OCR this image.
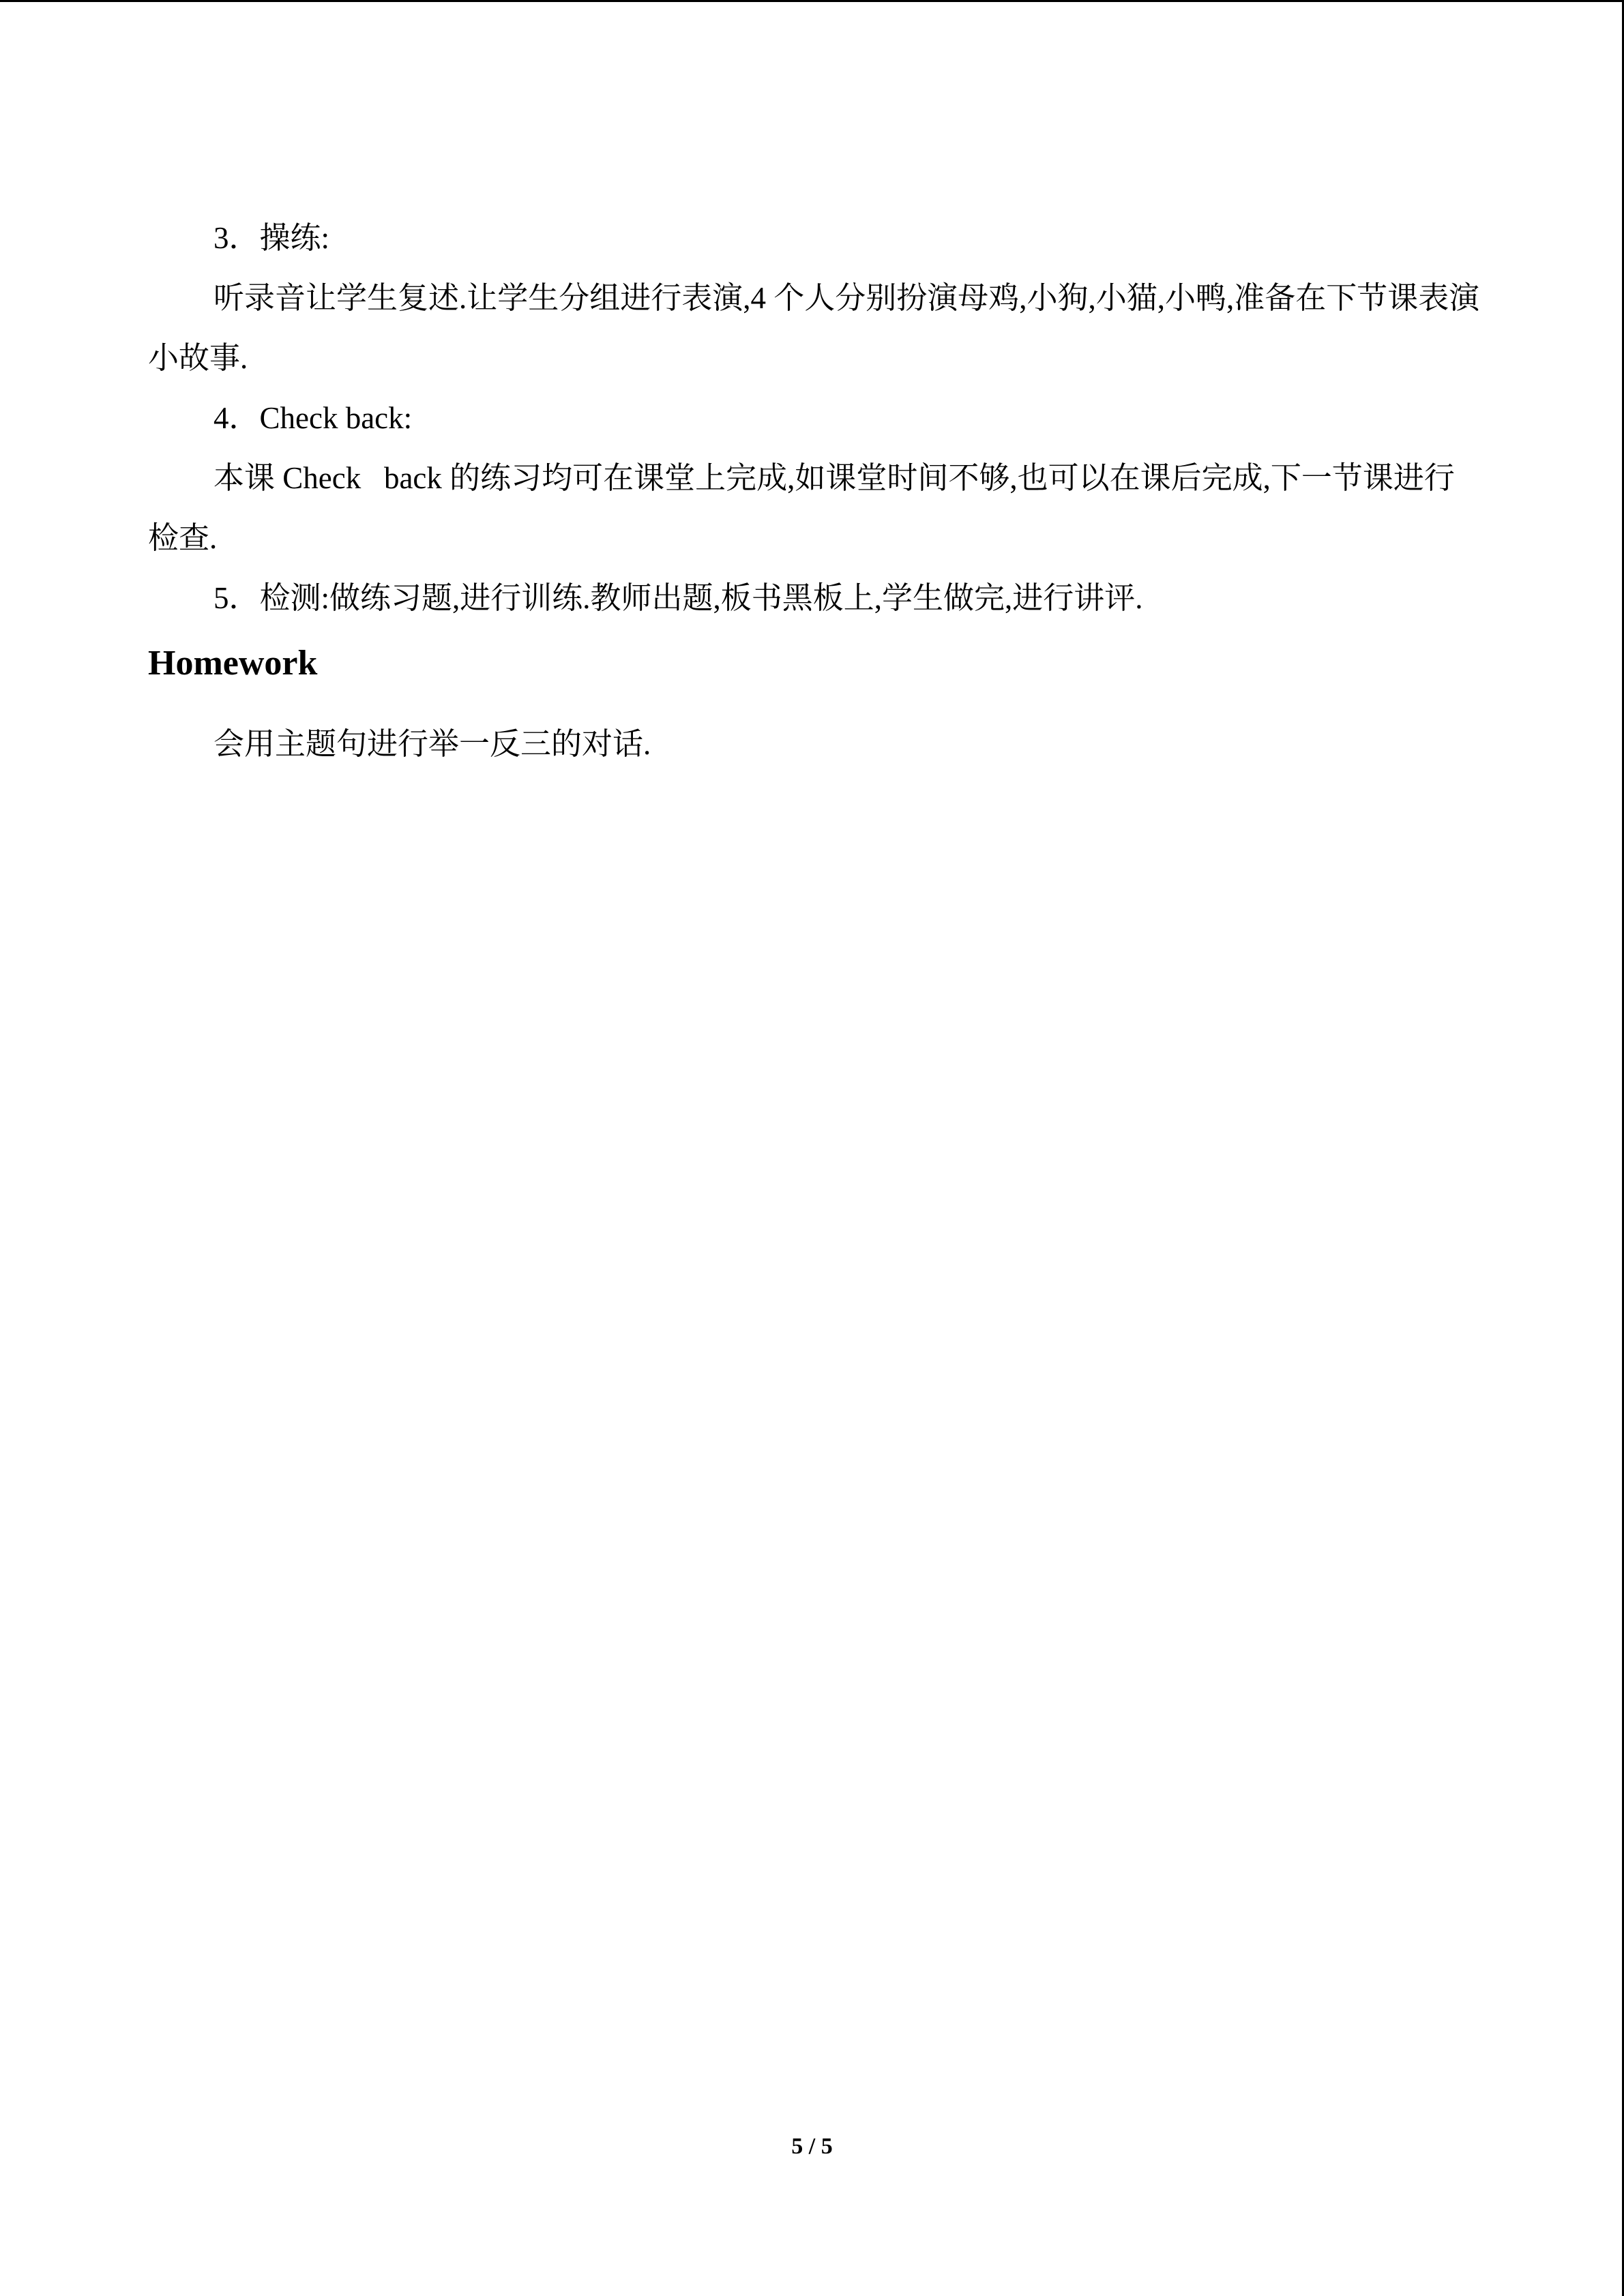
3．操练:

听录音让学生复述.让学生分组进行表演,4 个人分别扮演母鸡,小狗,小猫,小鸭,准备在下节课表演小故事.

4．Check back:

本课 Check   back 的练习均可在课堂上完成,如课堂时间不够,也可以在课后完成,下一节课进行检查.

5．检测:做练习题,进行训练.教师出题,板书黑板上,学生做完,进行讲评.

Homework

会用主题句进行举一反三的对话.

5 / 5
